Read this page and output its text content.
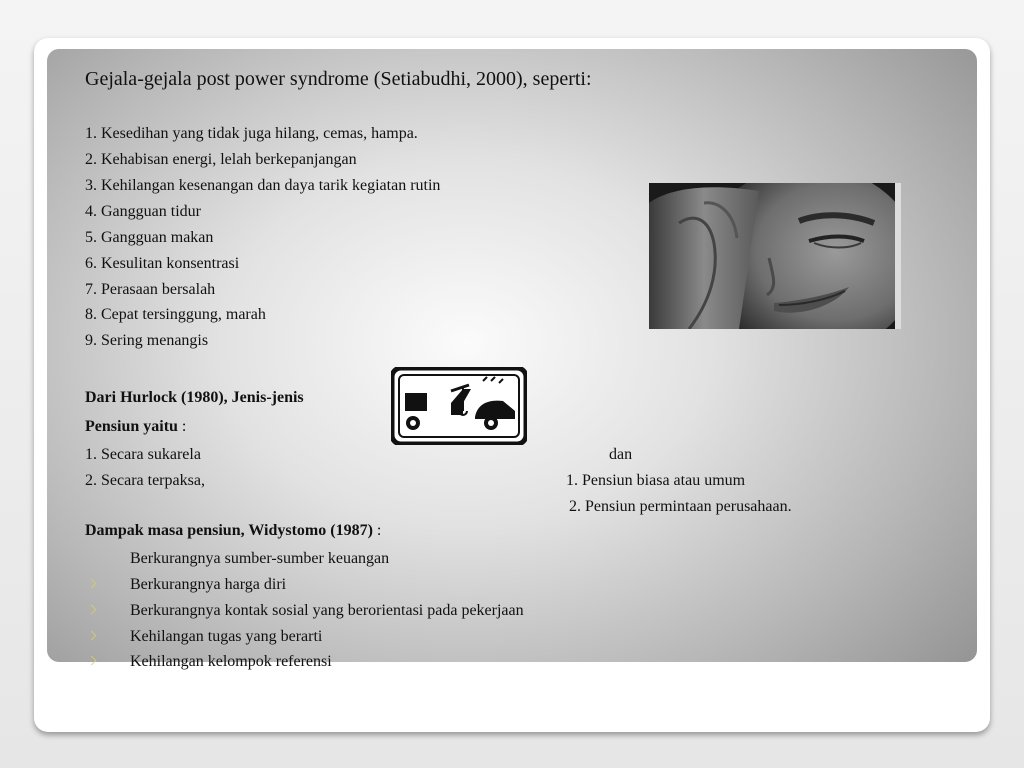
Gejala-gejala post power syndrome (Setiabudhi, 2000), seperti:
1. Kesedihan yang tidak juga hilang, cemas, hampa.
2. Kehabisan energi, lelah berkepanjangan
3. Kehilangan kesenangan dan daya tarik kegiatan rutin
4. Gangguan tidur
5. Gangguan makan
6. Kesulitan konsentrasi
7. Perasaan bersalah
8. Cepat tersinggung, marah
9. Sering menangis
Dari Hurlock (1980), Jenis-jenis
Pensiun yaitu :
1. Secara sukarela
2. Secara terpaksa,
dan
1. Pensiun biasa atau umum
2. Pensiun permintaan perusahaan.
Dampak masa pensiun, Widystomo (1987) :
Berkurangnya sumber-sumber keuangan
Berkurangnya harga diri
Berkurangnya kontak sosial yang berorientasi pada pekerjaan
Kehilangan tugas yang berarti
Kehilangan kelompok referensi
